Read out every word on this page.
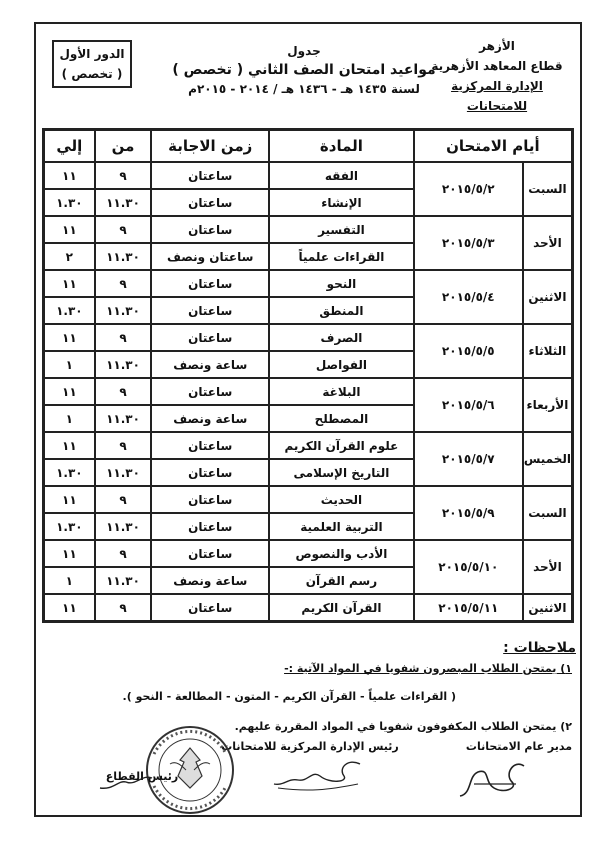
الأزهر
قطاع المعاهد الأزهرية
الإدارة المركزية للامتحانات
جدول
مواعيد امتحان الصف الثاني ( تخصص )
لسنة ١٤٣٥ هـ - ١٤٣٦ هـ / ٢٠١٤ - ٢٠١٥م
الدور الأول
( تخصص )
أيام الامتحان		المادة	زمن الاجابة	من	إلي
السبت	٢٠١٥/٥/٢	الفقه	ساعتان	٩	١١
		الإنشاء	ساعتان	١١.٣٠	١.٣٠
الأحد	٢٠١٥/٥/٣	التفسير	ساعتان	٩	١١
		القراءات علمياً	ساعتان ونصف	١١.٣٠	٢
الاثنين	٢٠١٥/٥/٤	النحو	ساعتان	٩	١١
		المنطق	ساعتان	١١.٣٠	١.٣٠
الثلاثاء	٢٠١٥/٥/٥	الصرف	ساعتان	٩	١١
		الفواصل	ساعة ونصف	١١.٣٠	١
الأربعاء	٢٠١٥/٥/٦	البلاغة	ساعتان	٩	١١
		المصطلح	ساعة ونصف	١١.٣٠	١
الخميس	٢٠١٥/٥/٧	علوم القرآن الكريم	ساعتان	٩	١١
		التاريخ الإسلامى	ساعتان	١١.٣٠	١.٣٠
السبت	٢٠١٥/٥/٩	الحديث	ساعتان	٩	١١
		التربية العلمية	ساعتان	١١.٣٠	١.٣٠
الأحد	٢٠١٥/٥/١٠	الأدب والنصوص	ساعتان	٩	١١
		رسم القرآن	ساعة ونصف	١١.٣٠	١
الاثنين	٢٠١٥/٥/١١	القرآن الكريم	ساعتان	٩	١١
ملاحظات :
١) يمتحن الطلاب المبصرون شفويا في المواد الآتية :-
( القراءات علمياً - القرآن الكريم - المتون - المطالعة - النحو ).
٢) يمتحن الطلاب المكفوفون شفويا في المواد المقررة عليهم.
مدير عام الامتحانات
رئيس الإدارة المركزية للامتحانات
رئيس القطاع
